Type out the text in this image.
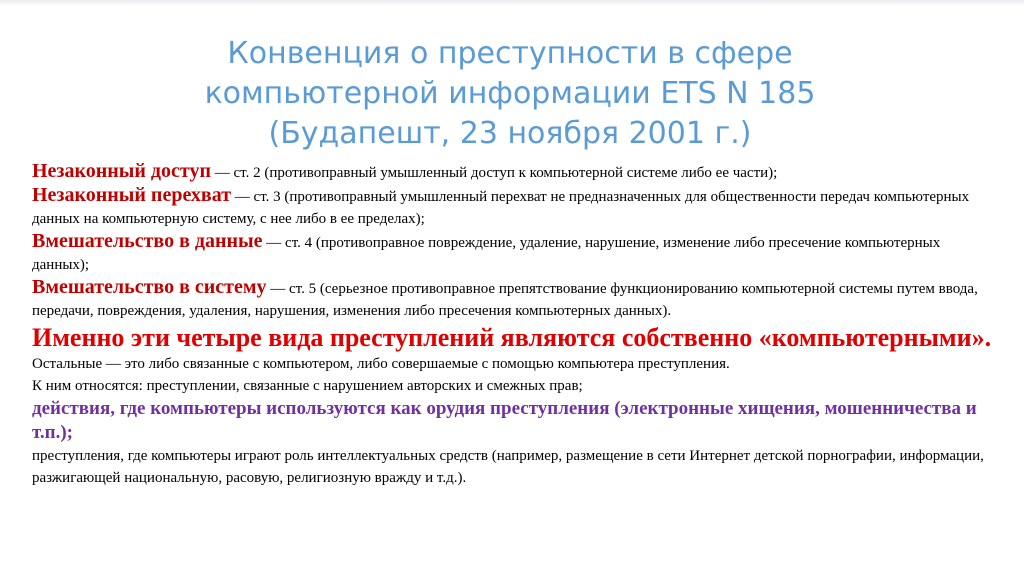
Конвенция о преступности в сфере
компьютерной информации ETS N 185
(Будапешт, 23 ноября 2001 г.)

Незаконный доступ — ст. 2 (противоправный умышленный доступ к компьютерной системе либо ее части);

Незаконный перехват — ст. 3 (противоправный умышленный перехват не предназначенных для общественности передач компьютерных данных на компьютерную систему, с нее либо в ее пределах);

Вмешательство в данные — ст. 4 (противоправное повреждение, удаление, нарушение, изменение либо пресечение компьютерных данных);

Вмешательство в систему — ст. 5 (серьезное противоправное препятствование функционированию компьютерной системы путем ввода, передачи, повреждения, удаления, нарушения, изменения либо пресечения компьютерных данных).

Именно эти четыре вида преступлений являются собственно «компьютерными».

Остальные — это либо связанные с компьютером, либо совершаемые с помощью компьютера преступления.

К ним относятся: преступлении, связанные с нарушением авторских и смежных прав;

действия, где компьютеры используются как орудия преступления (электронные хищения, мошенничества и т.п.);

преступления, где компьютеры играют роль интеллектуальных средств (например, размещение в сети Интернет детской порнографии, информации, разжигающей национальную, расовую, религиозную вражду и т.д.).
